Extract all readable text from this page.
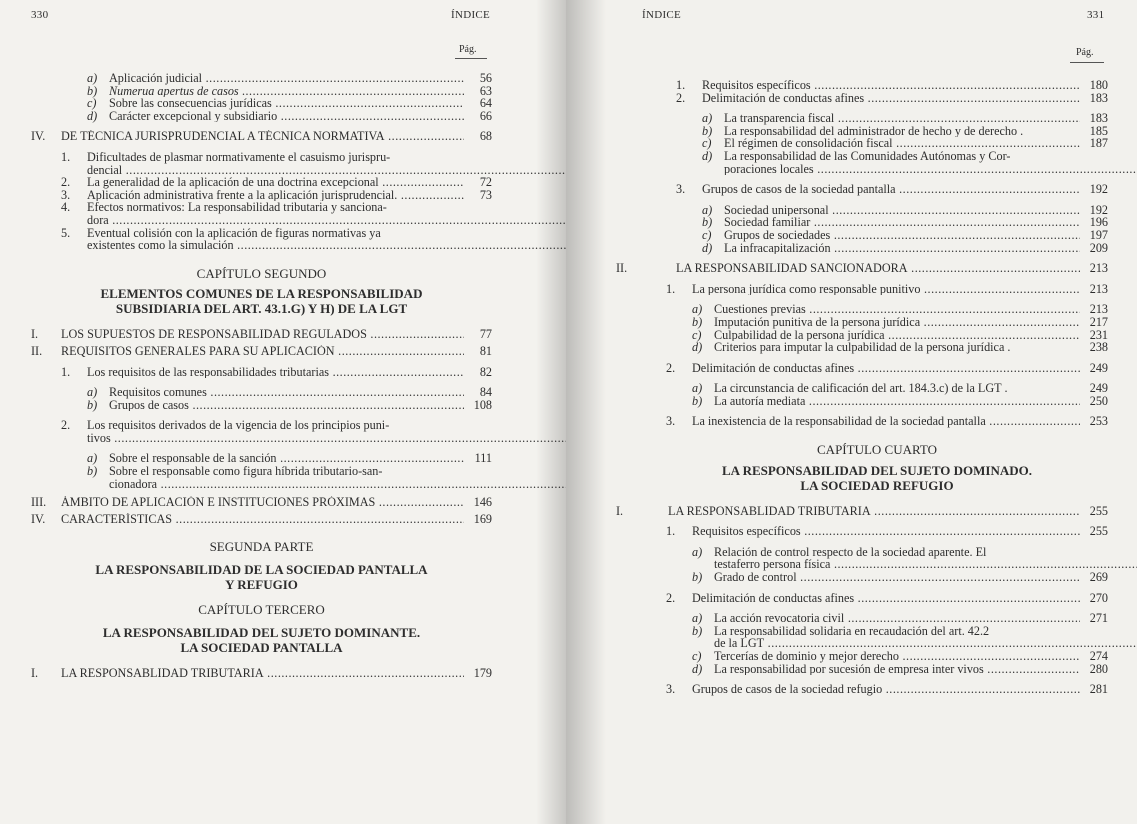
330	ÍNDICE
Pág.
a) Aplicación judicial .....	56
b) Numerua apertus de casos .....	63
c)	Sobre las consecuencias jurídicas .....	64
d) Carácter excepcional y subsidiario .....	66
IV.	DE TÉCNICA JURISPRUDENCIAL A TÉCNICA NORMATIVA .....	68
1.	Dificultades de plasmar normativamente el casuismo jurispru-
dencial .....
2.	La generalidad de la aplicación de una doctrina excepcional .....	72
3.	Aplicación administrativa frente a la aplicación jurisprudencial. .....	73
4.	Efectos normativos: La responsabilidad tributaria y sanciona-
dora .....
5.	Eventual colisión con la aplicación de figuras normativas ya
existentes como la simulación .....
CAPÍTULO SEGUNDO
ELEMENTOS COMUNES DE LA RESPONSABILIDAD
SUBSIDIARIA DEL ART. 43.1.G) Y H) DE LA LGT
I.	LOS SUPUESTOS DE RESPONSABILIDAD REGULADOS .....	77
II.	REQUISITOS GENERALES PARA SU APLICACIÓN .....	81
1.	Los requisitos de las responsabilidades tributarias .....	82
a) Requisitos comunes .....	84
b) Grupos de casos .....	108
2.	Los requisitos derivados de la vigencia de los principios puni-
tivos .....
a) Sobre el responsable de la sanción .....	111
b) Sobre el responsable como figura híbrida tributario-san-
cionadora .....
III.	ÁMBITO DE APLICACIÓN E INSTITUCIONES PRÓXIMAS .....	146
IV.	CARACTERÍSTICAS .....	169
SEGUNDA PARTE
LA RESPONSABILIDAD DE LA SOCIEDAD PANTALLA
Y REFUGIO
CAPÍTULO TERCERO
LA RESPONSABILIDAD DEL SUJETO DOMINANTE.
LA SOCIEDAD PANTALLA
I.	LA RESPONSABLIDAD TRIBUTARIA .....	179
ÍNDICE	331
Pág.
1.	Requisitos específicos .....	180
2.	Delimitación de conductas afines .....	183
a) La transparencia fiscal .....	183
b) La responsabilidad del administrador de hecho y de derecho .	185
c)	El régimen de consolidación fiscal .....	187
d) La responsabilidad de las Comunidades Autónomas y Cor-
poraciones locales .....
3.	Grupos de casos de la sociedad pantalla .....	192
a) Sociedad unipersonal .....	192
b) Sociedad familiar .....	196
c)	Grupos de sociedades .....	197
d) La infracapitalización .....	209
II.	LA RESPONSABILIDAD SANCIONADORA .....	213
1.	La persona jurídica como responsable punitivo .....	213
a) Cuestiones previas .....	213
b) Imputación punitiva de la persona jurídica .....	217
c)	Culpabilidad de la persona jurídica .....	231
d) Criterios para imputar la culpabilidad de la persona jurídica .	238
2.	Delimitación de conductas afines .....	249
a) La circunstancia de calificación del art. 184.3.c) de la LGT .	249
b) La autoría mediata .....	250
3.	La inexistencia de la responsabilidad de la sociedad pantalla .....	253
CAPÍTULO CUARTO
LA RESPONSABILIDAD DEL SUJETO DOMINADO.
LA SOCIEDAD REFUGIO
I.	LA RESPONSABLIDAD TRIBUTARIA .....	255
1.	Requisitos específicos .....	255
a) Relación de control respecto de la sociedad aparente. El
testaferro persona física .....
b) Grado de control .....	269
2.	Delimitación de conductas afines .....	270
a) La acción revocatoria civil .....	271
b) La responsabilidad solidaria en recaudación del art. 42.2
de la LGT .....
c)	Tercerías de dominio y mejor derecho .....	274
d) La responsabilidad por sucesión de empresa inter vivos .....	280
3.	Grupos de casos de la sociedad refugio .....	281
